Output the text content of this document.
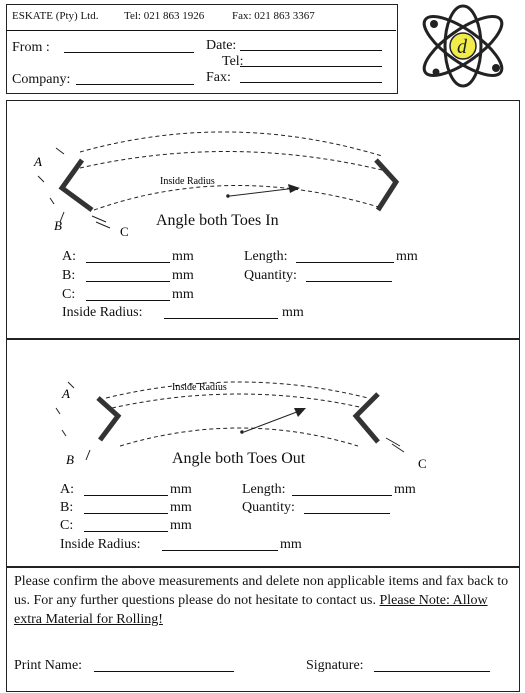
ESKATE (Pty) Ltd. Tel: 021 863 1926	Fax: 021 863 3367
From :
Company:
Date:
Tel:
Fax:
d
A
B	C
Inside Radius
Angle both Toes In
A:	mm
B:	mm
C:	mm
Inside Radius:	mm
Length:	mm
Quantity:
A
B	C
Inside Radius
Angle both Toes Out
A:	mm
B:	mm
C:	mm
Inside Radius:	mm
Length:	mm
Quantity:
Please confirm the above measurements and delete non applicable items and fax back to us. For any further questions please do not hesitate to contact us. Please Note: Allow extra Material for Rolling!
Print Name:	Signature:
